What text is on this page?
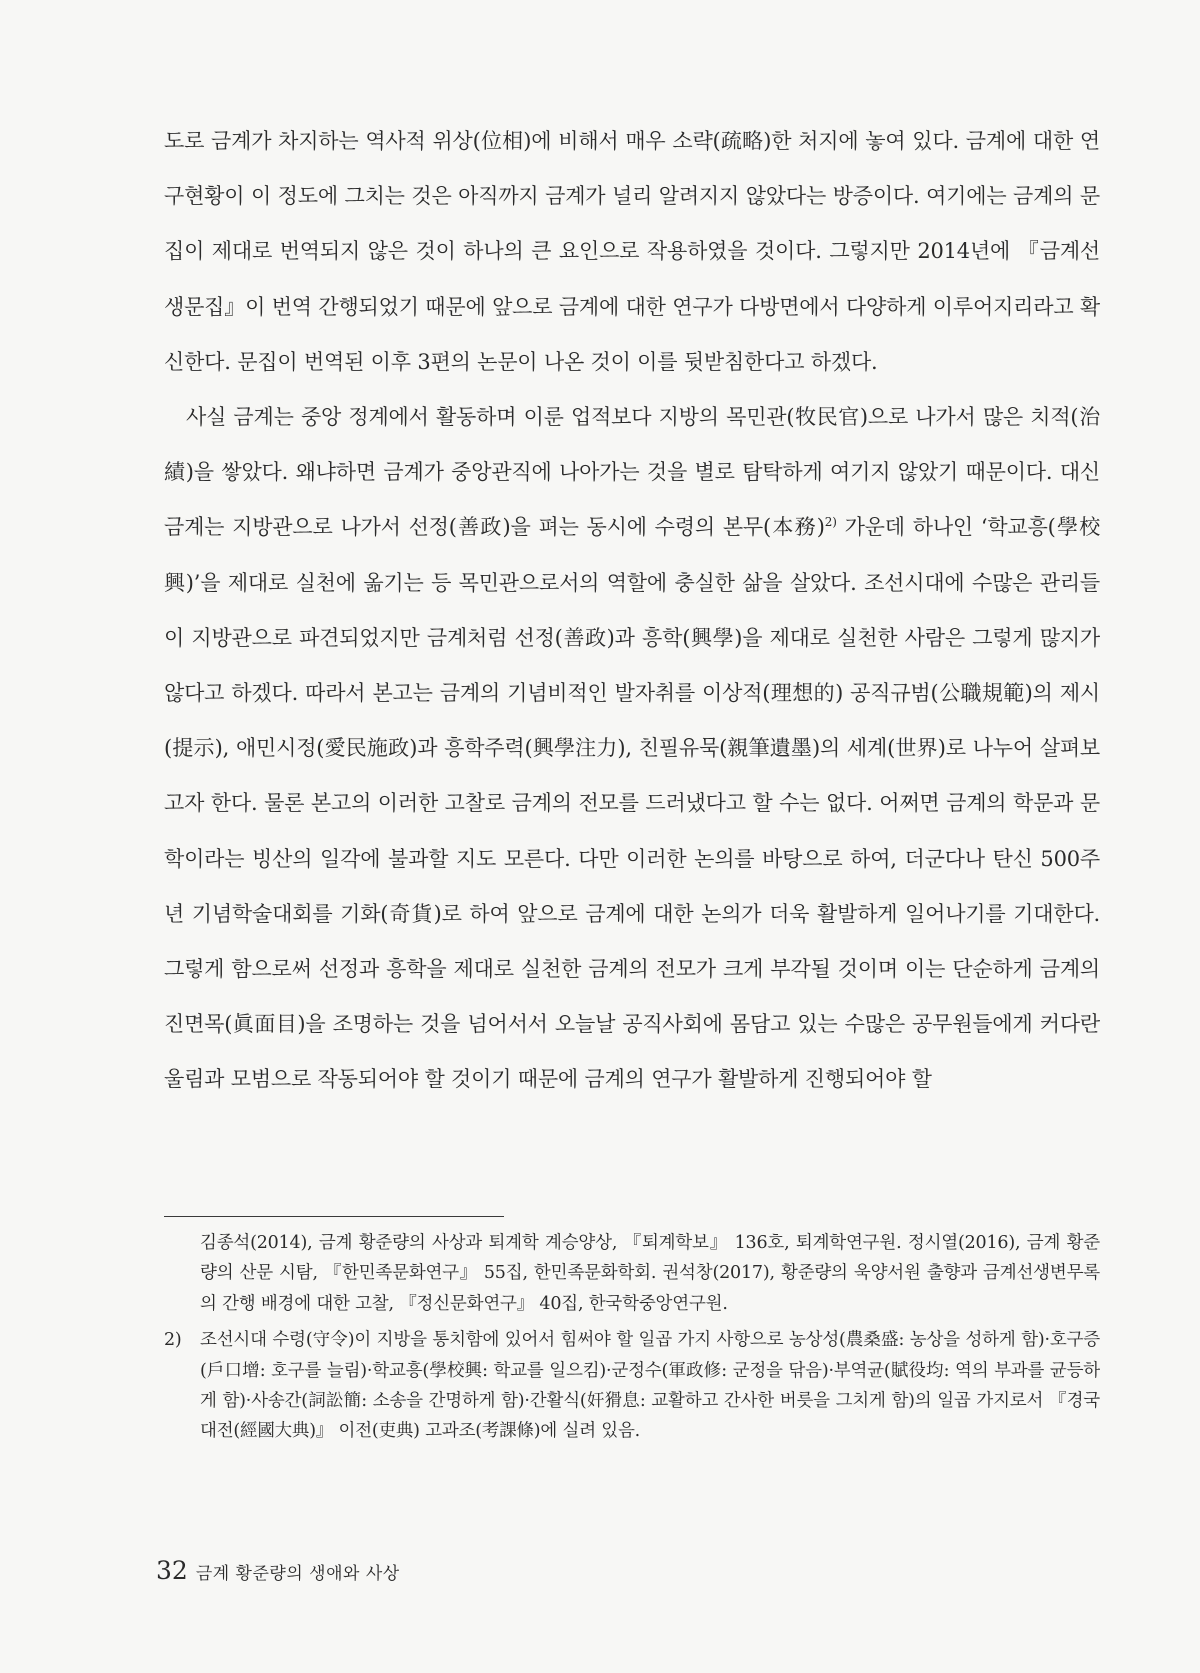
도로 금계가 차지하는 역사적 위상(位相)에 비해서 매우 소략(疏略)한 처지에 놓여 있다. 금계에 대한 연구현황이 이 정도에 그치는 것은 아직까지 금계가 널리 알려지지 않았다는 방증이다. 여기에는 금계의 문집이 제대로 번역되지 않은 것이 하나의 큰 요인으로 작용하였을 것이다. 그렇지만 2014년에 『금계선생문집』이 번역 간행되었기 때문에 앞으로 금계에 대한 연구가 다방면에서 다양하게 이루어지리라고 확신한다. 문집이 번역된 이후 3편의 논문이 나온 것이 이를 뒷받침한다고 하겠다.

사실 금계는 중앙 정계에서 활동하며 이룬 업적보다 지방의 목민관(牧民官)으로 나가서 많은 치적(治績)을 쌓았다. 왜냐하면 금계가 중앙관직에 나아가는 것을 별로 탐탁하게 여기지 않았기 때문이다. 대신 금계는 지방관으로 나가서 선정(善政)을 펴는 동시에 수령의 본무(本務)$^{2)}$ 가운데 하나인 ‘학교흥(學校興)’을 제대로 실천에 옮기는 등 목민관으로서의 역할에 충실한 삶을 살았다. 조선시대에 수많은 관리들이 지방관으로 파견되었지만 금계처럼 선정(善政)과 흥학(興學)을 제대로 실천한 사람은 그렇게 많지가 않다고 하겠다. 따라서 본고는 금계의 기념비적인 발자취를 이상적(理想的) 공직규범(公職規範)의 제시(提示), 애민시정(愛民施政)과 흥학주력(興學注力), 친필유묵(親筆遺墨)의 세계(世界)로 나누어 살펴보고자 한다. 물론 본고의 이러한 고찰로 금계의 전모를 드러냈다고 할 수는 없다. 어쩌면 금계의 학문과 문학이라는 빙산의 일각에 불과할 지도 모른다. 다만 이러한 논의를 바탕으로 하여, 더군다나 탄신 500주년 기념학술대회를 기화(奇貨)로 하여 앞으로 금계에 대한 논의가 더욱 활발하게 일어나기를 기대한다. 그렇게 함으로써 선정과 흥학을 제대로 실천한 금계의 전모가 크게 부각될 것이며 이는 단순하게 금계의 진면목(眞面目)을 조명하는 것을 넘어서서 오늘날 공직사회에 몸담고 있는 수많은 공무원들에게 커다란 울림과 모범으로 작동되어야 할 것이기 때문에 금계의 연구가 활발하게 진행되어야 할

김종석(2014), 금계 황준량의 사상과 퇴계학 계승양상, 『퇴계학보』 136호, 퇴계학연구원. 정시열(2016), 금계 황준량의 산문 시탐, 『한민족문화연구』 55집, 한민족문화학회. 권석창(2017), 황준량의 욱양서원 출향과 금계선생변무록의 간행 배경에 대한 고찰, 『정신문화연구』 40집, 한국학중앙연구원.
2)	조선시대 수령(守令)이 지방을 통치함에 있어서 힘써야 할 일곱 가지 사항으로 농상성(農桑盛: 농상을 성하게 함)·호구증(戶口增: 호구를 늘림)·학교흥(學校興: 학교를 일으킴)·군정수(軍政修: 군정을 닦음)·부역균(賦役均: 역의 부과를 균등하게 함)·사송간(詞訟簡: 소송을 간명하게 함)·간활식(奸猾息: 교활하고 간사한 버릇을 그치게 함)의 일곱 가지로서 『경국대전(經國大典)』 이전(吏典) 고과조(考課條)에 실려 있음.
32 금계 황준량의 생애와 사상
